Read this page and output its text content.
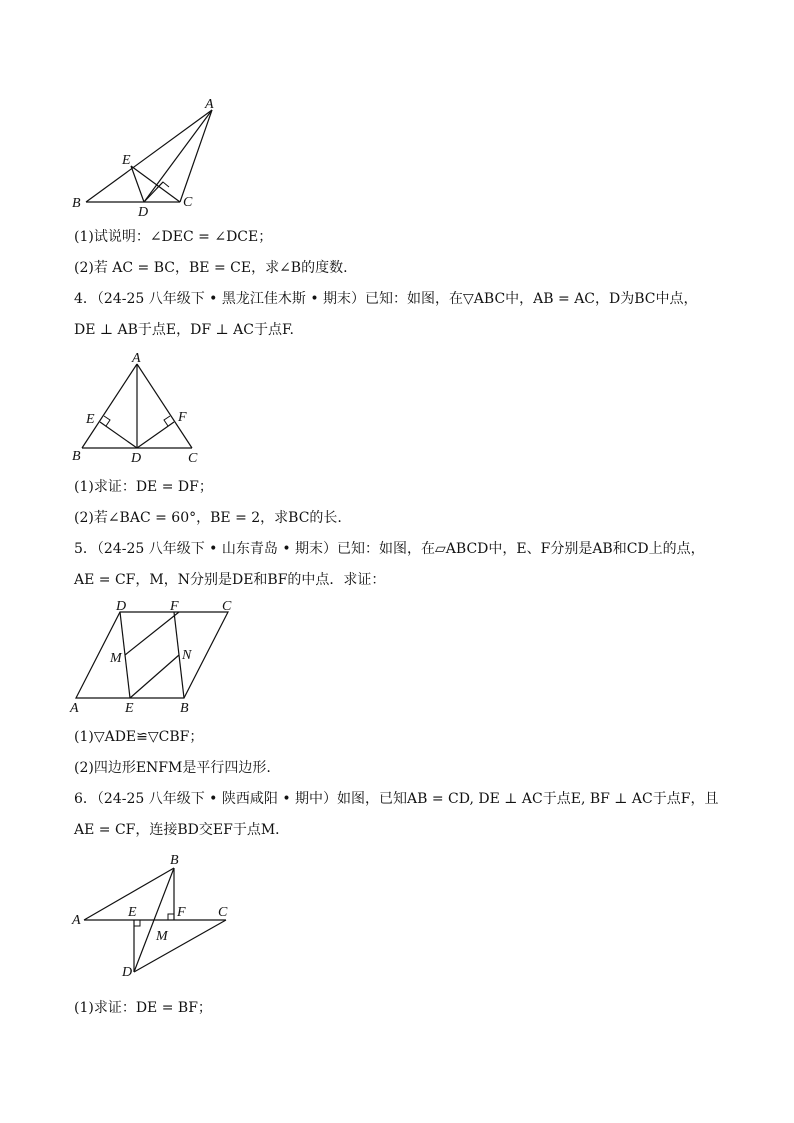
A
E
B
D
C
(1)试说明：∠DEC = ∠DCE；
(2)若 AC = BC，BE = CE，求∠B的度数.
4．（24-25 八年级下 • 黑龙江佳木斯 • 期末）已知：如图，在▽ABC中，AB = AC，D为BC中点，
DE ⊥ AB于点E，DF ⊥ AC于点F.
A
E	F
B	D	C
(1)求证：DE = DF；
(2)若∠BAC = 60°，BE = 2，求BC的长.
5．（24-25 八年级下 • 山东青岛 • 期末）已知：如图，在▱ABCD中，E、F分别是AB和CD上的点，
AE = CF，M，N分别是DE和BF的中点．求证：
D	F	C
M	N
A	E	B
(1)▽ADE≌▽CBF；
(2)四边形ENFM是平行四边形.
6．（24-25 八年级下 • 陕西咸阳 • 期中）如图，已知AB = CD, DE ⊥ AC于点E, BF ⊥ AC于点F，且
AE = CF，连接BD交EF于点M．
B
A
E	F C
M
D
(1)求证：DE = BF；
